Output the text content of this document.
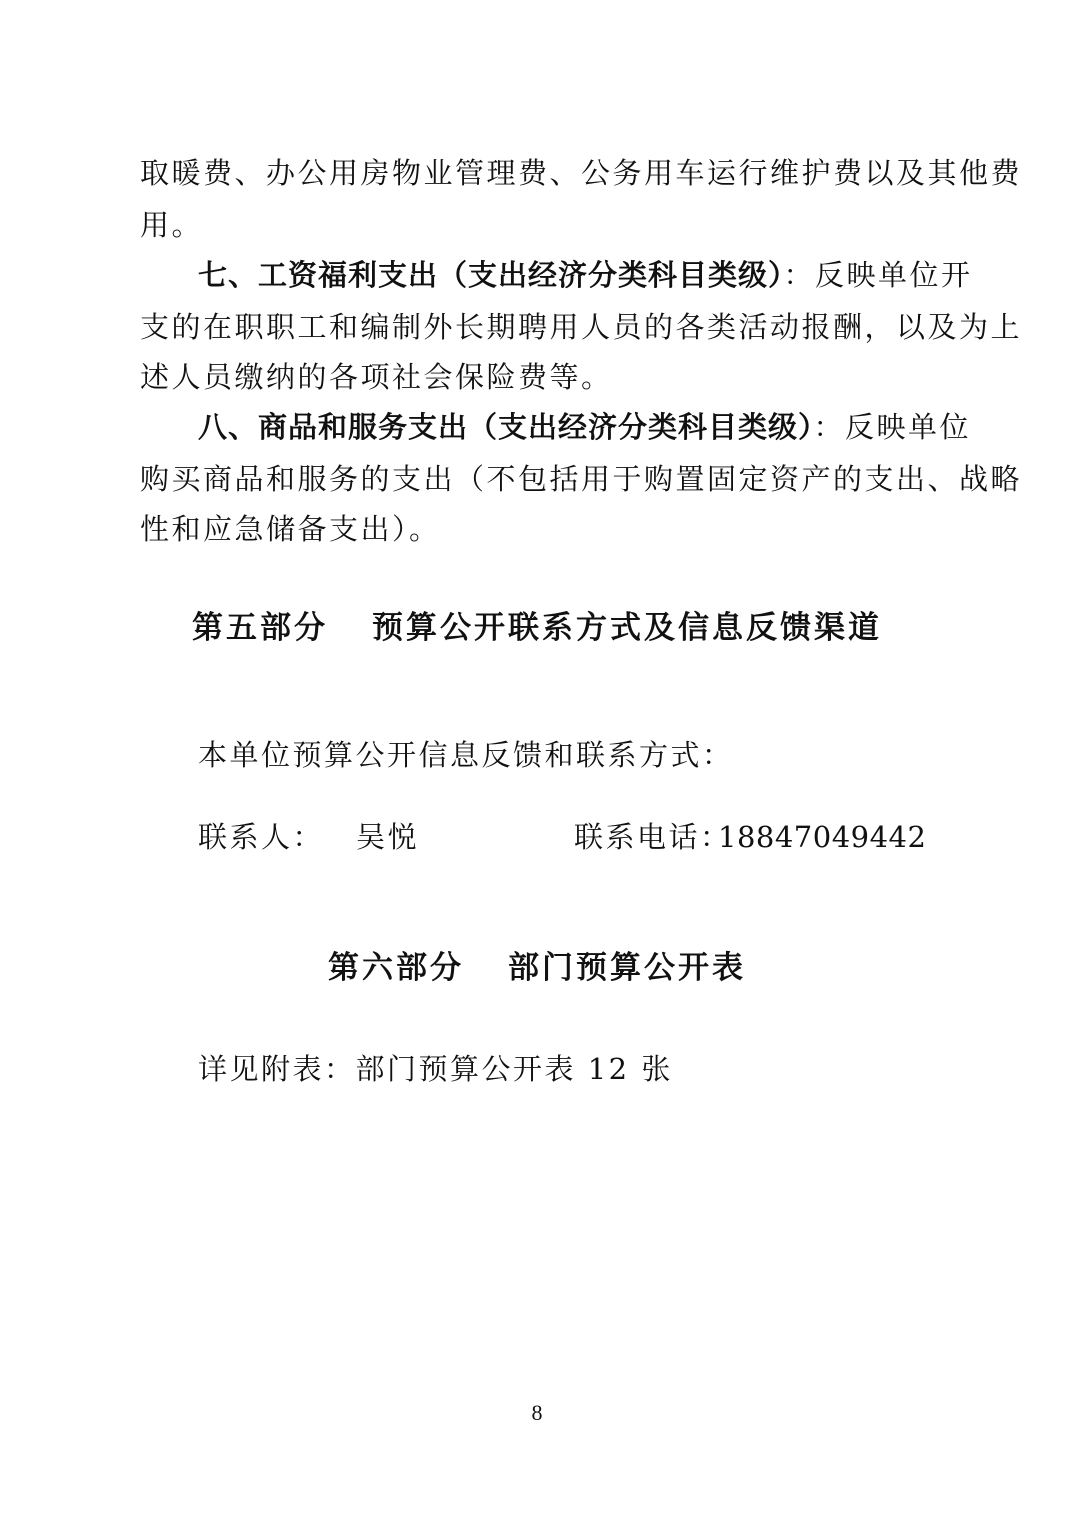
取暖费、办公用房物业管理费、公务用车运行维护费以及其他费
用。
七、工资福利支出（支出经济分类科目类级）：反映单位开
支的在职职工和编制外长期聘用人员的各类活动报酬，以及为上
述人员缴纳的各项社会保险费等。
八、商品和服务支出（支出经济分类科目类级）：反映单位
购买商品和服务的支出（不包括用于购置固定资产的支出、战略
性和应急储备支出）。
第五部分 预算公开联系方式及信息反馈渠道
本单位预算公开信息反馈和联系方式：
联系人： 吴悦	联系电话：
18847049442
第六部分 部门预算公开表
详见附表：部门预算公开表 12 张
8
